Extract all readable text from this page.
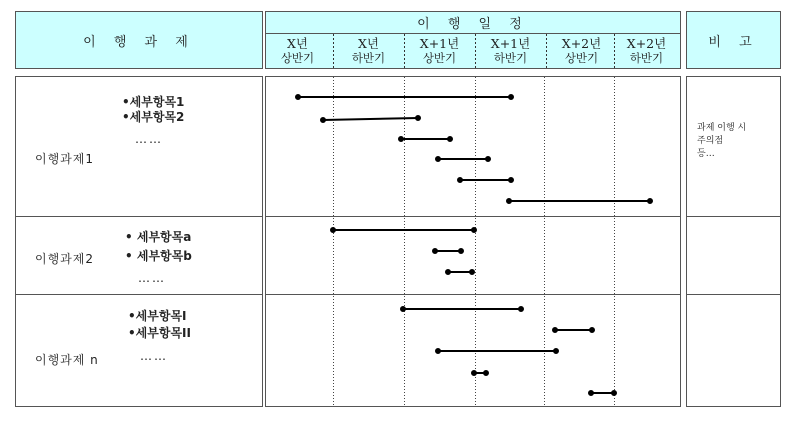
이 행 과 제
이 행 일 정
X년
상반기
X년
하반기
X+1년
상반기
X+1년
하반기
X+2년
상반기
X+2년
하반기
비 고
이행과제1
•세부항목1
•세부항목2
……
이행과제2
• 세부항목a
• 세부항목b
……
이행과제 n
•세부항목I
•세부항목II
……
과제 이행 시
주의점
등…
